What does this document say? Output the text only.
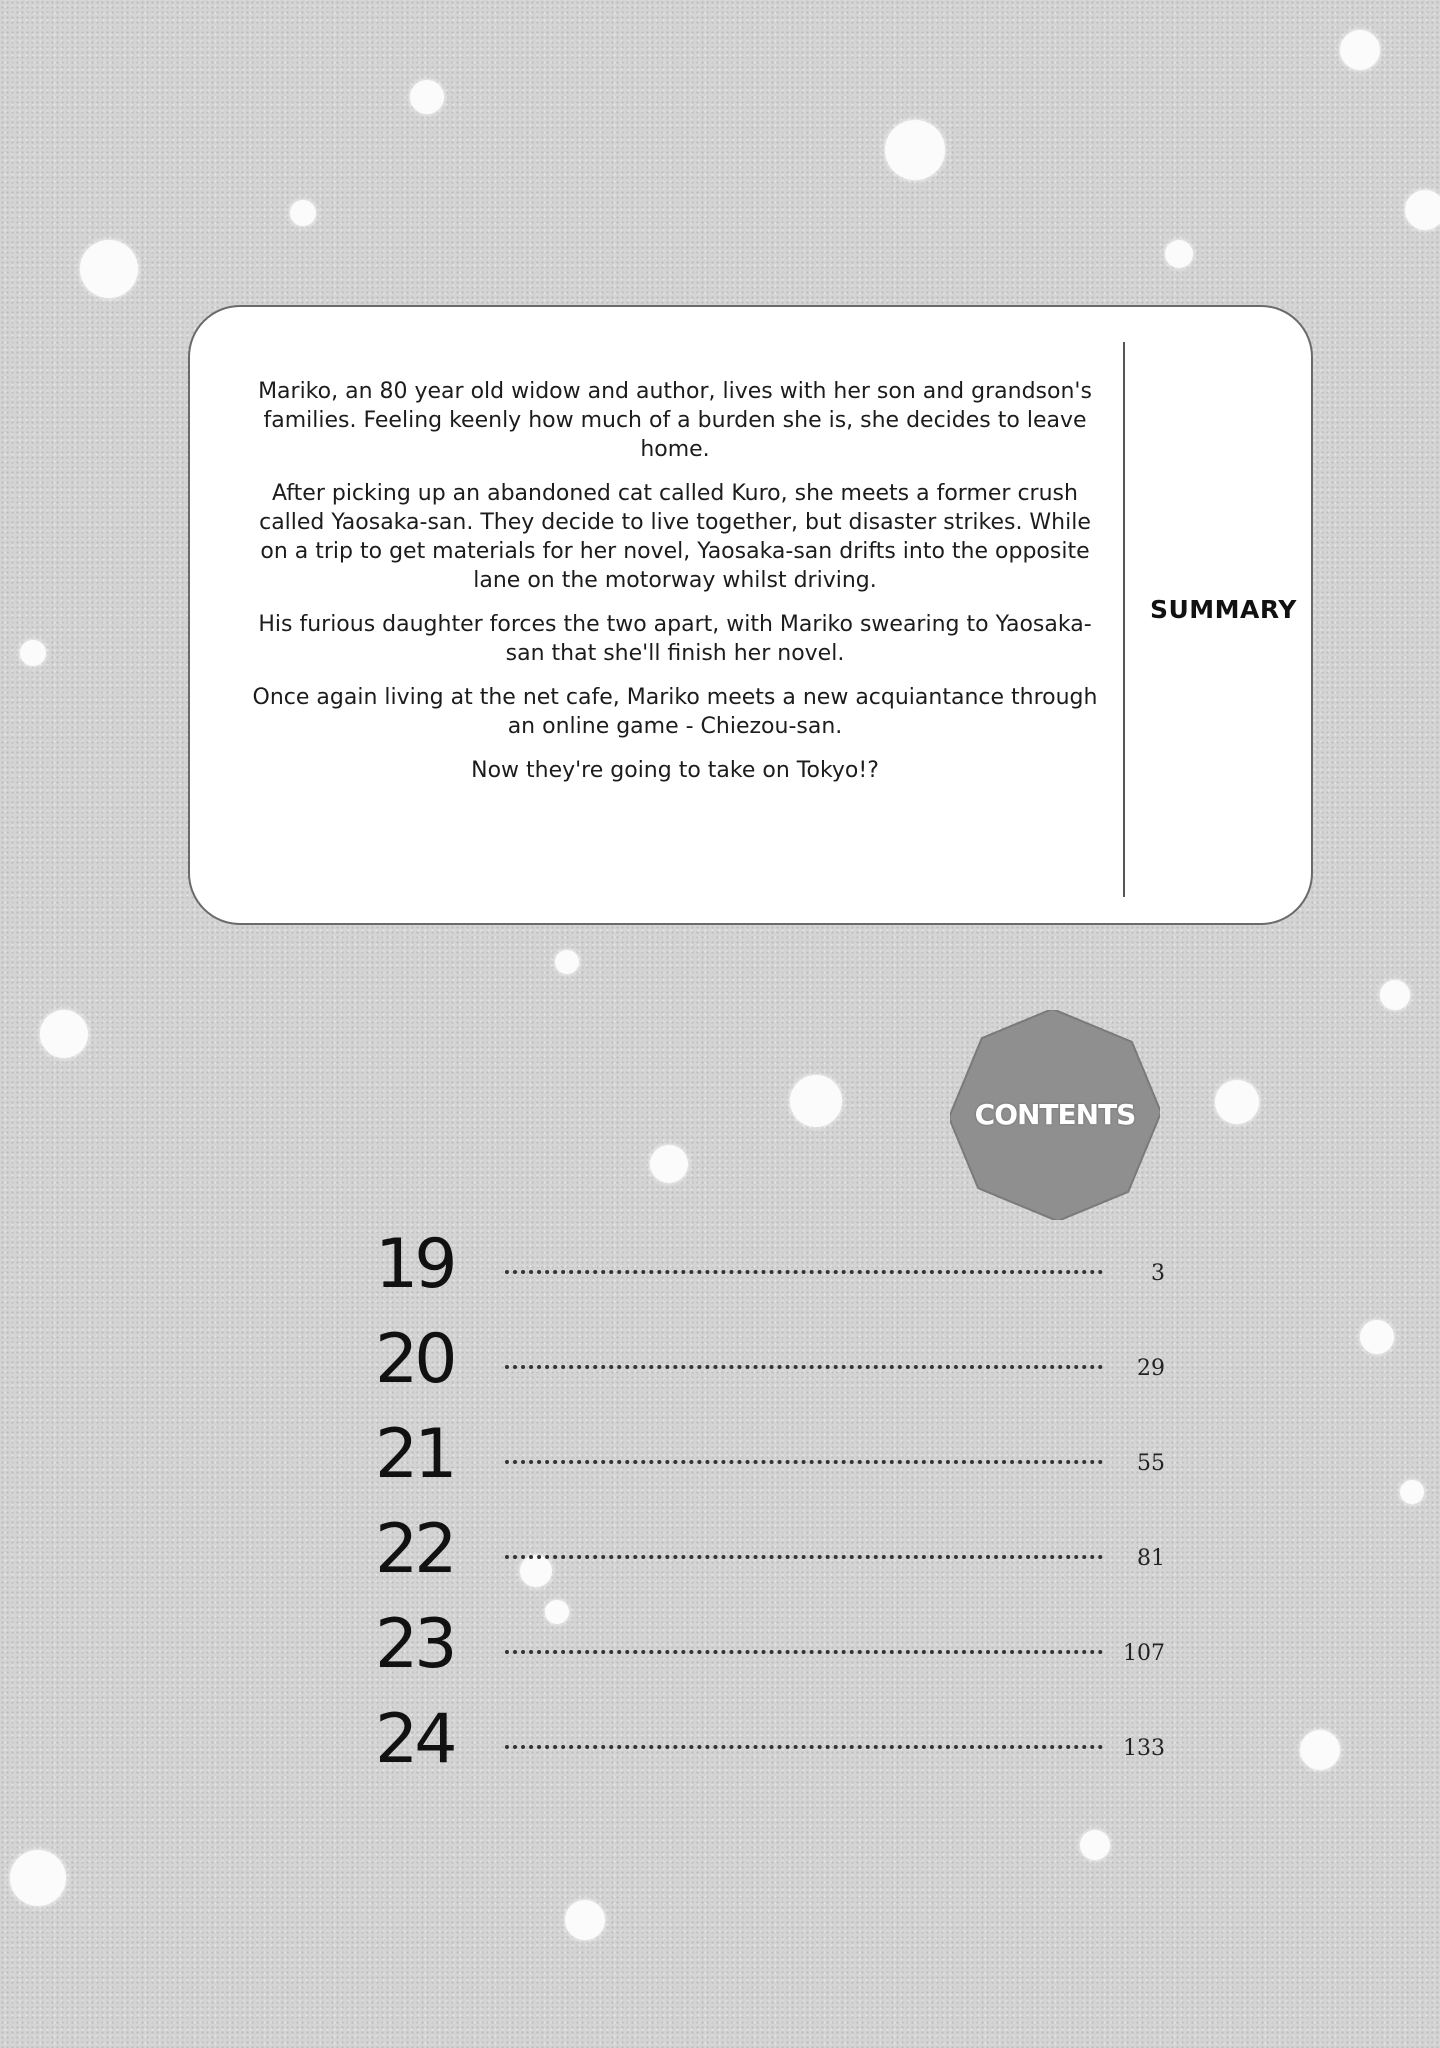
Mariko, an 80 year old widow and author, lives with her son and grandson's families. Feeling keenly how much of a burden she is, she decides to leave home.

After picking up an abandoned cat called Kuro, she meets a former crush called Yaosaka-san. They decide to live together, but disaster strikes. While on a trip to get materials for her novel, Yaosaka-san drifts into the opposite lane on the motorway whilst driving.

His furious daughter forces the two apart, with Mariko swearing to Yaosaka-san that she'll finish her novel.

Once again living at the net cafe, Mariko meets a new acquiantance through an online game - Chiezou-san.

Now they're going to take on Tokyo!?

SUMMARY
CONTENTS
19	3
20	29
21	55
22	81
23	107
24	133
